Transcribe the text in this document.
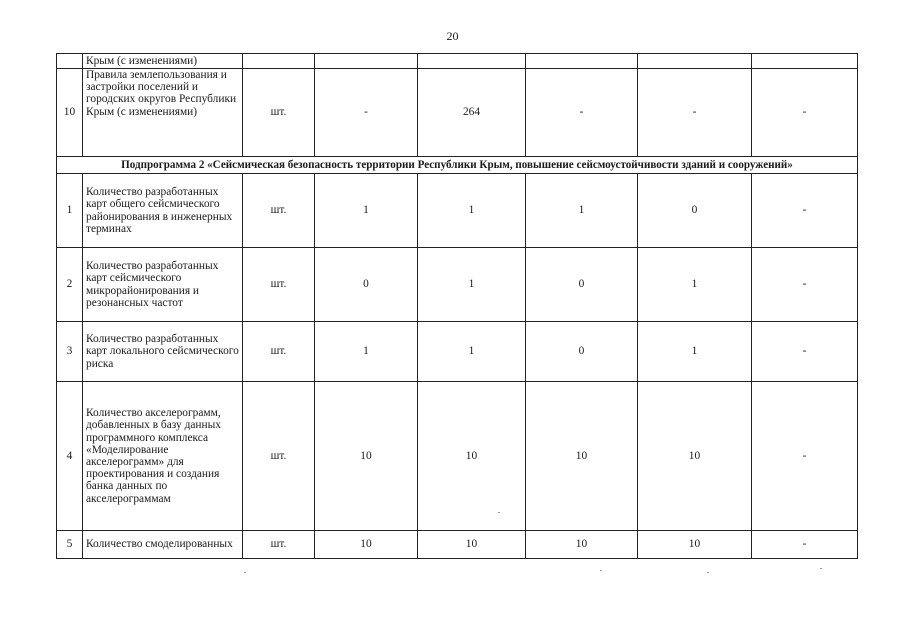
20
	Крым (с изменениями)						
10	Правила землепользования и застройки поселений и городских округов Республики Крым (с изменениями)	шт.	-	264	-	-	-
Подпрограмма 2 «Сейсмическая безопасность территории Республики Крым, повышение сейсмоустойчивости зданий и сооружений»							
1	Количество разработанных карт общего сейсмического районирования в инженерных терминах	шт.	1	1	1	0	-
2	Количество разработанных карт сейсмического микрорайонирования и резонансных частот	шт.	0	1	0	1	-
3	Количество разработанных карт локального сейсмического риска	шт.	1	1	0	1	-
4	Количество акселерограмм, добавленных в базу данных программного комплекса «Моделирование акселерограмм» для проектирования и создания банка данных по акселерограммам	шт.	10	10	10	10	-
5	Количество смоделированных	шт.	10	10	10	10	-
